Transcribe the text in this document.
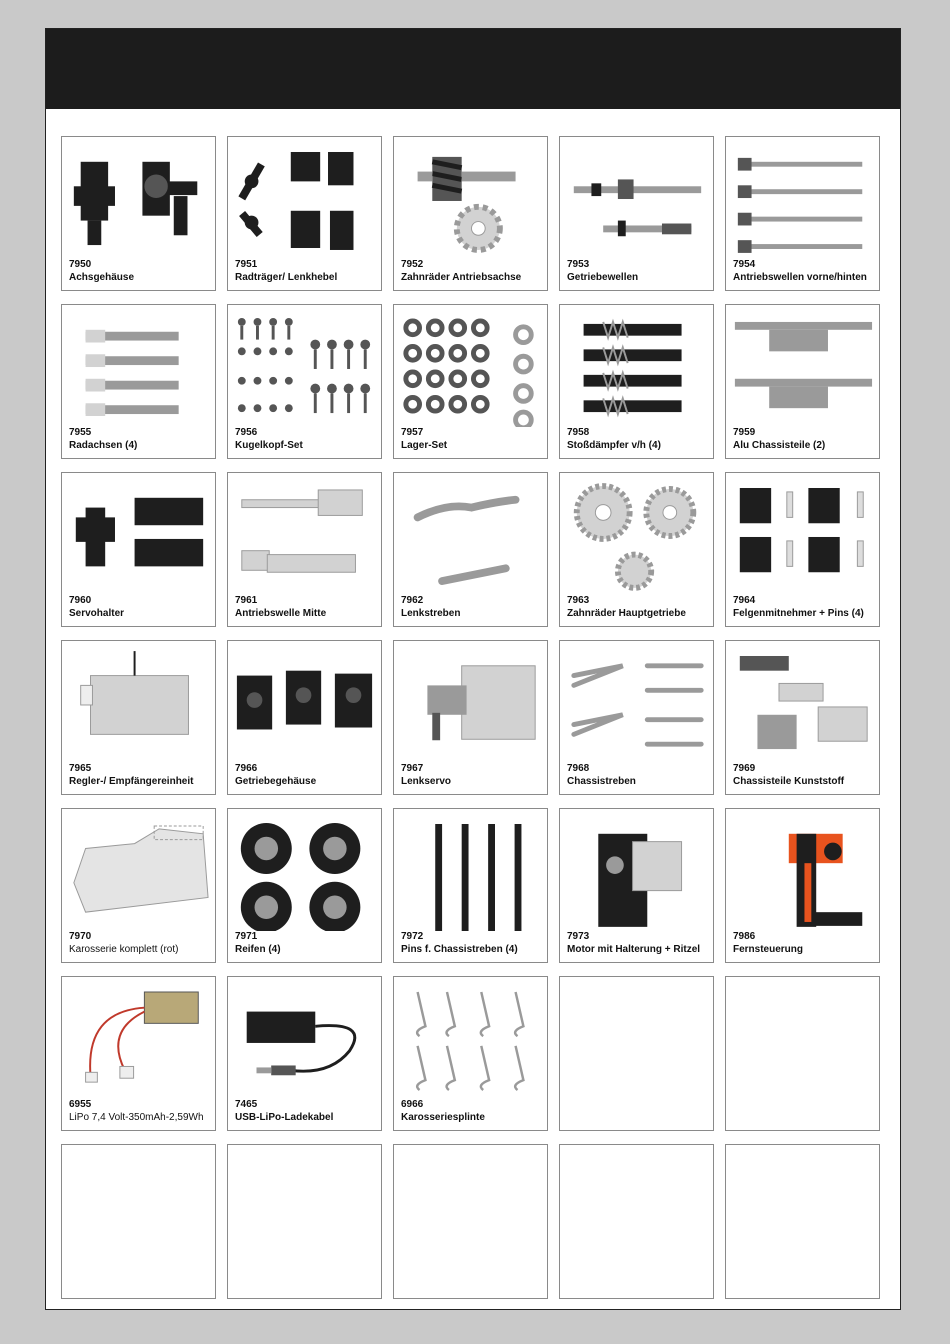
7950
Achsgehäuse
7951
Radträger/ Lenkhebel
7952
Zahnräder Antriebsachse
7953
Getriebewellen
7954
Antriebswellen vorne/hinten
7955
Radachsen (4)
7956
Kugelkopf-Set
7957
Lager-Set
7958
Stoßdämpfer v/h (4)
7959
Alu Chassisteile (2)
7960
Servohalter
7961
Antriebswelle Mitte
7962
Lenkstreben
7963
Zahnräder Hauptgetriebe
7964
Felgenmitnehmer + Pins (4)
7965
Regler-/ Empfängereinheit
7966
Getriebegehäuse
7967
Lenkservo
7968
Chassistreben
7969
Chassisteile Kunststoff
7970
Karosserie komplett (rot)
7971
Reifen (4)
7972
Pins f. Chassistreben (4)
7973
Motor mit Halterung + Ritzel
7986
Fernsteuerung
6955
LiPo 7,4 Volt-350mAh-2,59Wh
7465
USB-LiPo-Ladekabel
6966
Karosseriesplinte
